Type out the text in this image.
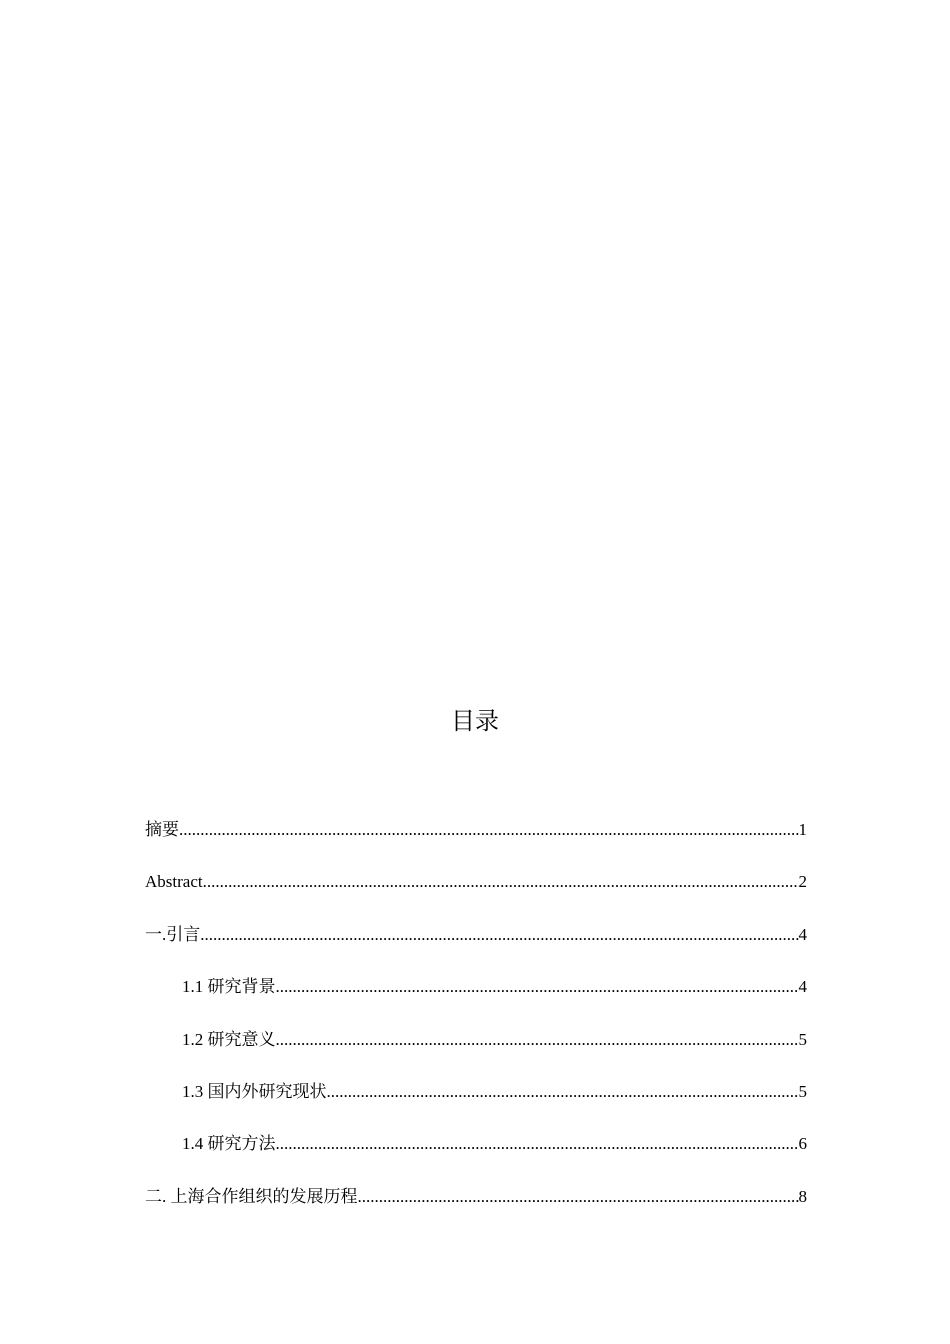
目录
摘要 .....	1
Abstract .....	2
一.引言 .....	4
1.1 研究背景 .....	4
1.2 研究意义 .....	5
1.3 国内外研究现状 .....	5
1.4 研究方法 .....	6
二. 上海合作组织的发展历程 .....	8
